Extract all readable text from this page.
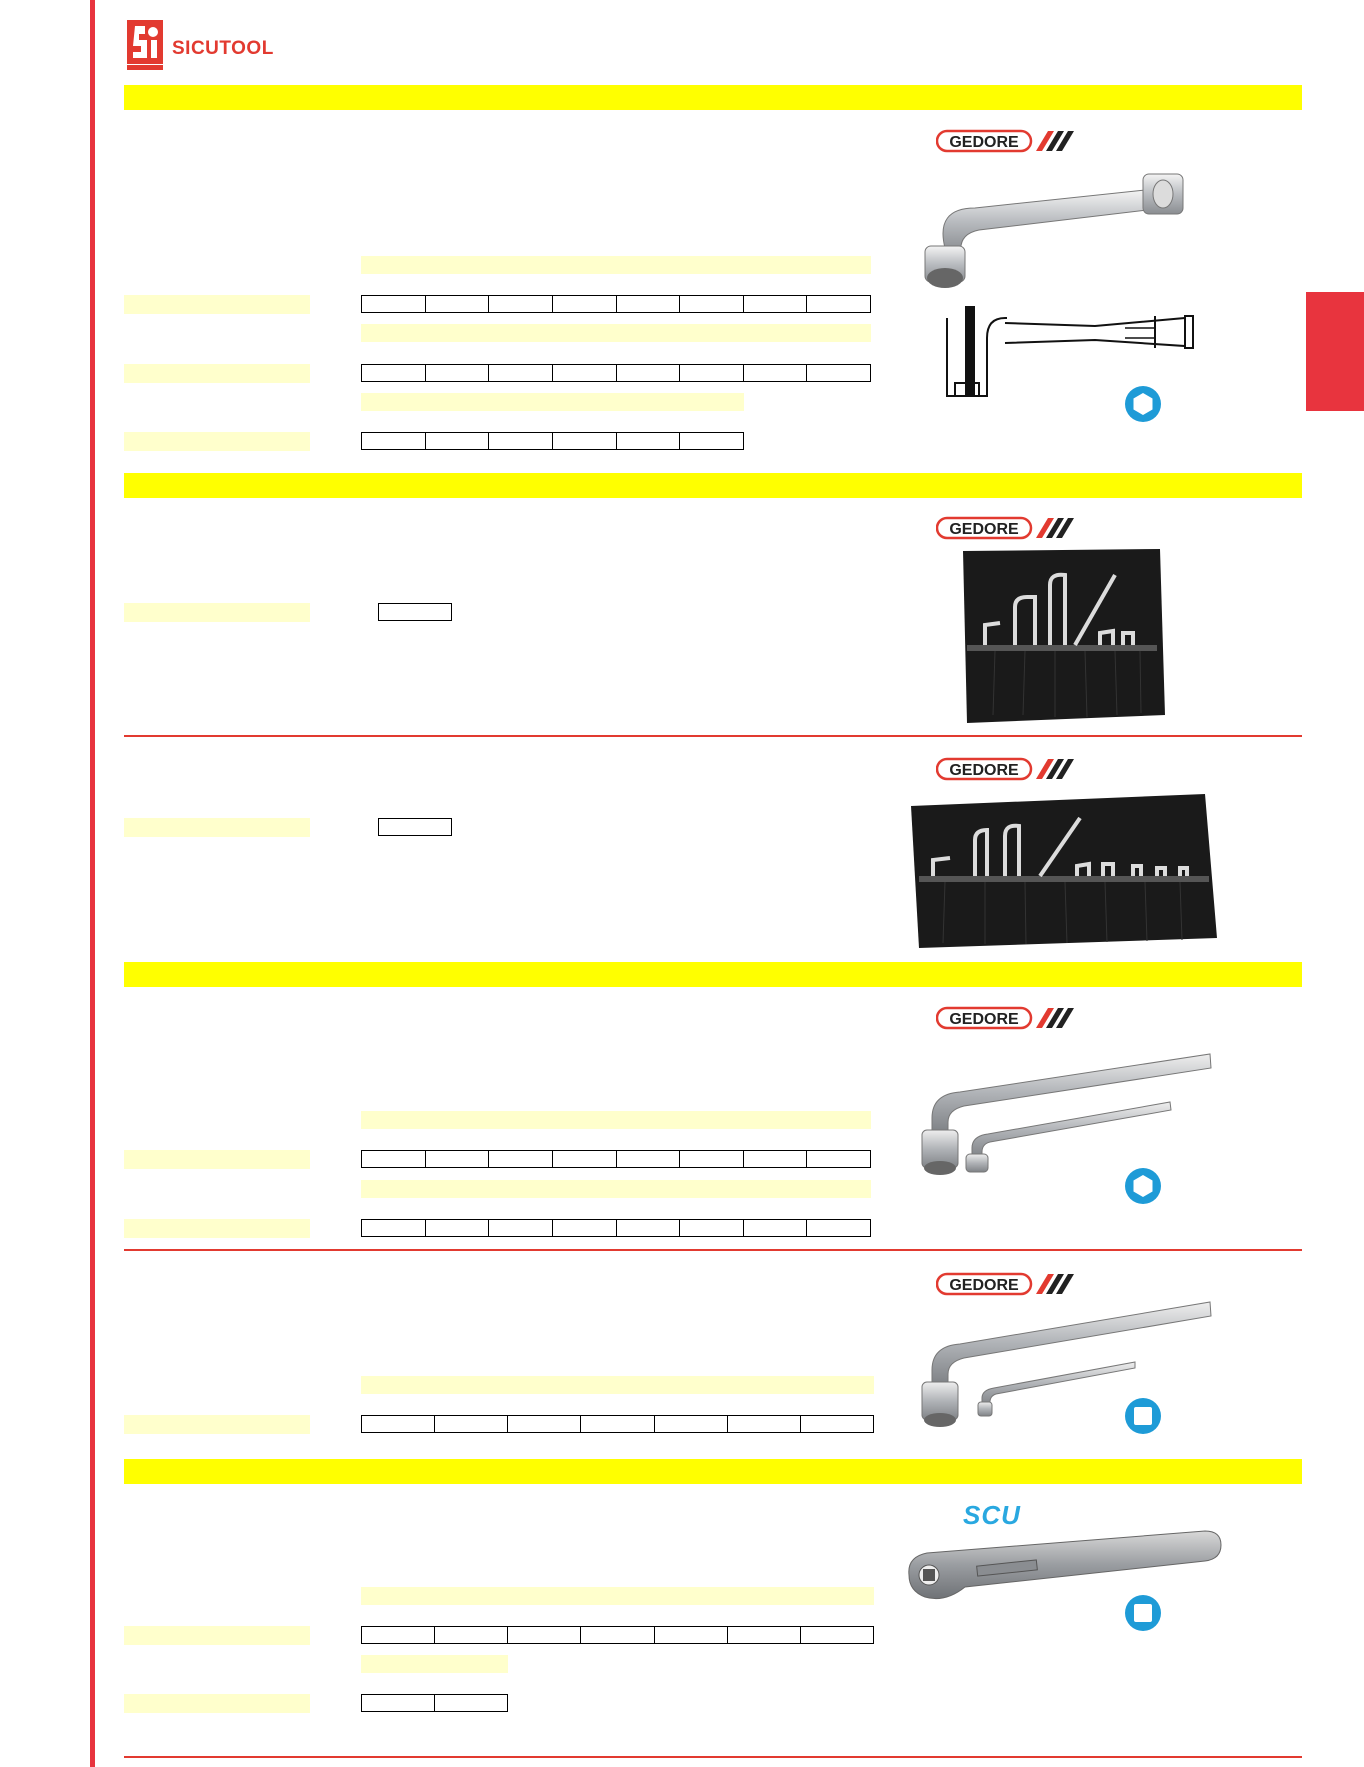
SICUTOOL
GEDORE
GEDORE
GEDORE
GEDORE
GEDORE
SCU
